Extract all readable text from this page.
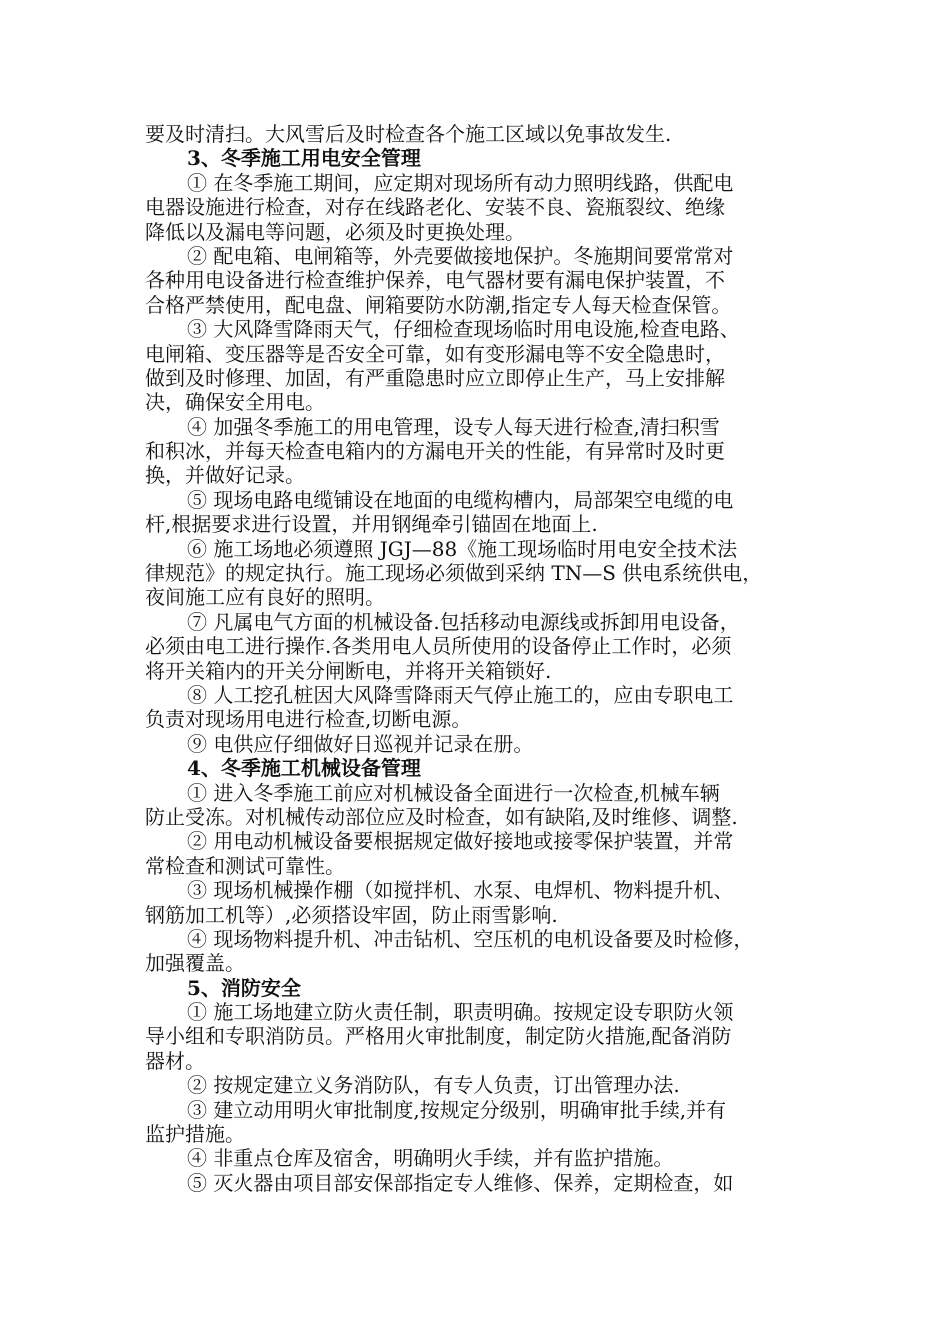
要及时清扫。大风雪后及时检查各个施工区域以免事故发生.
3、冬季施工用电安全管理
① 在冬季施工期间，应定期对现场所有动力照明线路，供配电
电器设施进行检查，对存在线路老化、安装不良、瓷瓶裂纹、绝缘
降低以及漏电等问题，必须及时更换处理。
② 配电箱、电闸箱等，外壳要做接地保护。冬施期间要常常对
各种用电设备进行检查维护保养，电气器材要有漏电保护装置，不
合格严禁使用，配电盘、闸箱要防水防潮,指定专人每天检查保管。
③ 大风降雪降雨天气，仔细检查现场临时用电设施,检查电路、
电闸箱、变压器等是否安全可靠，如有变形漏电等不安全隐患时，
做到及时修理、加固，有严重隐患时应立即停止生产，马上安排解
决，确保安全用电。
④ 加强冬季施工的用电管理，设专人每天进行检查,清扫积雪
和积冰，并每天检查电箱内的方漏电开关的性能，有异常时及时更
换，并做好记录。
⑤ 现场电路电缆铺设在地面的电缆构槽内，局部架空电缆的电
杆,根据要求进行设置，并用钢绳牵引锚固在地面上.
⑥ 施工场地必须遵照 JGJ—88《施工现场临时用电安全技术法
律规范》的规定执行。施工现场必须做到采纳 TN—S 供电系统供电，
夜间施工应有良好的照明。
⑦ 凡属电气方面的机械设备.包括移动电源线或拆卸用电设备，
必须由电工进行操作.各类用电人员所使用的设备停止工作时，必须
将开关箱内的开关分闸断电，并将开关箱锁好.
⑧ 人工挖孔桩因大风降雪降雨天气停止施工的，应由专职电工
负责对现场用电进行检查,切断电源。
⑨ 电供应仔细做好日巡视并记录在册。
4、冬季施工机械设备管理
① 进入冬季施工前应对机械设备全面进行一次检查,机械车辆
防止受冻。对机械传动部位应及时检查，如有缺陷,及时维修、调整.
② 用电动机械设备要根据规定做好接地或接零保护装置，并常
常检查和测试可靠性。
③ 现场机械操作棚（如搅拌机、水泵、电焊机、物料提升机、
钢筋加工机等）,必须搭设牢固，防止雨雪影响.
④ 现场物料提升机、冲击钻机、空压机的电机设备要及时检修，
加强覆盖。
5、消防安全
① 施工场地建立防火责任制，职责明确。按规定设专职防火领
导小组和专职消防员。严格用火审批制度，制定防火措施,配备消防
器材。
② 按规定建立义务消防队，有专人负责，订出管理办法.
③ 建立动用明火审批制度,按规定分级别，明确审批手续,并有
监护措施。
④ 非重点仓库及宿舍，明确明火手续，并有监护措施。
⑤ 灭火器由项目部安保部指定专人维修、保养，定期检查，如
